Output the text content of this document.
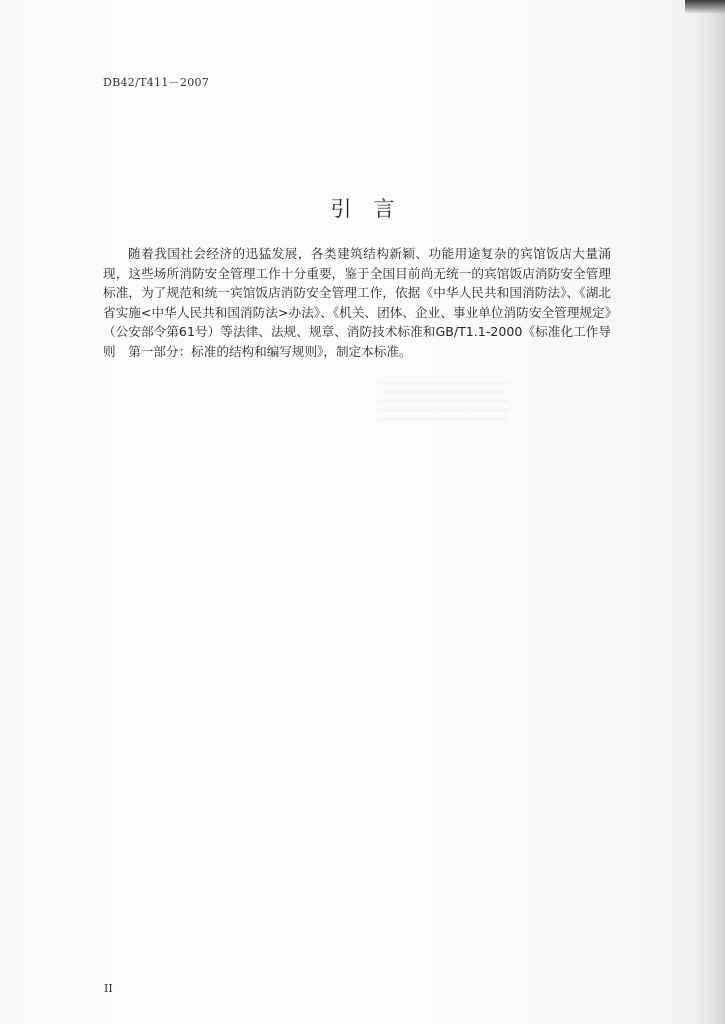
DB42/T411－2007
引言

随着我国社会经济的迅猛发展，各类建筑结构新颖、功能用途复杂的宾馆饭店大量涌现，这些场所消防安全管理工作十分重要，鉴于全国目前尚无统一的宾馆饭店消防安全管理标准，为了规范和统一宾馆饭店消防安全管理工作，依据《中华人民共和国消防法》、《湖北省实施<中华人民共和国消防法>办法》、《机关、团体、企业、事业单位消防安全管理规定》（公安部令第61号）等法律、法规、规章、消防技术标准和GB/T1.1-2000《标准化工作导则　第一部分：标准的结构和编写规则》，制定本标准。

II
